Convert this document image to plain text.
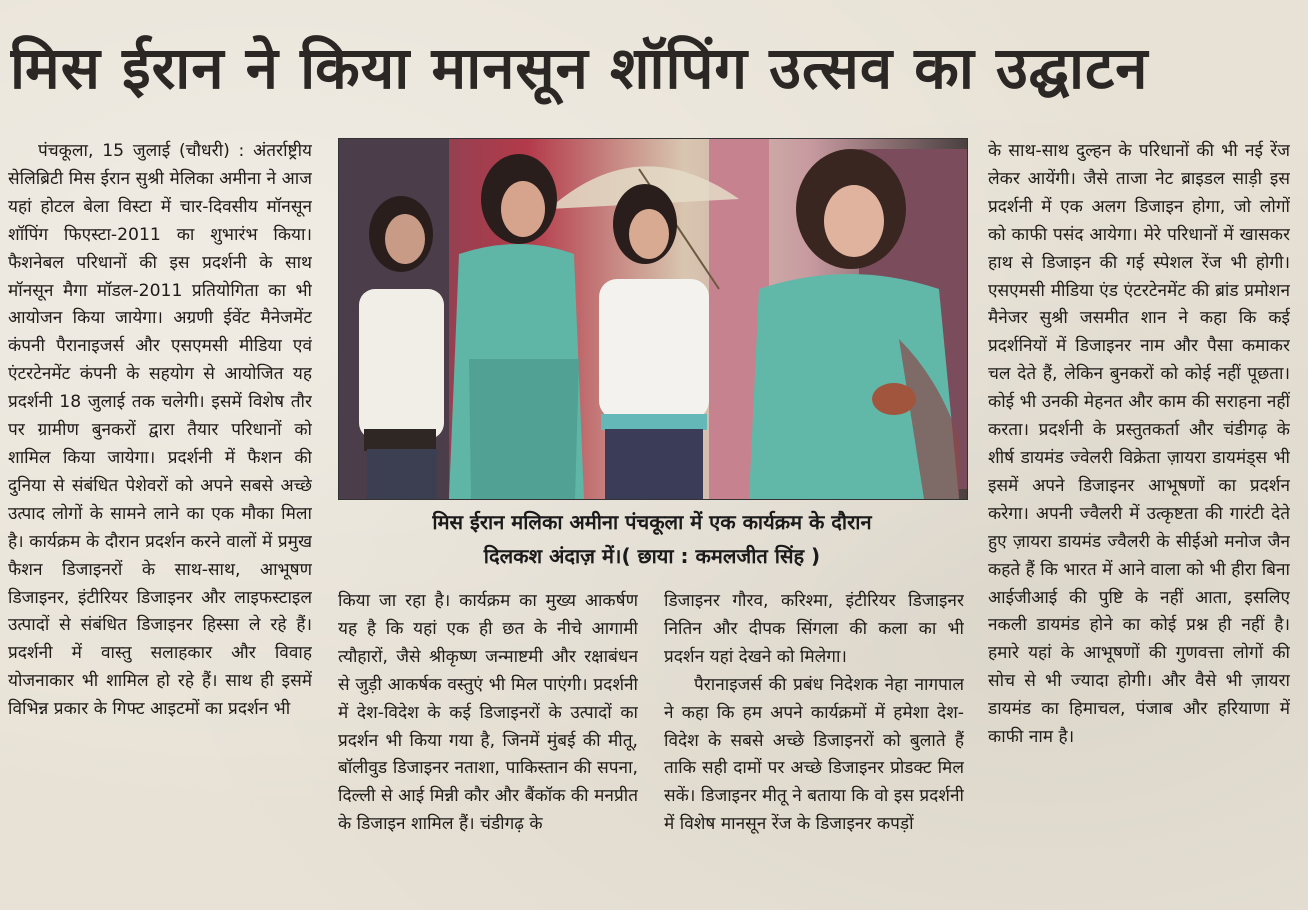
मिस ईरान ने किया मानसून शॉपिंग उत्सव का उद्घाटन

पंचकूला, 15 जुलाई (चौधरी) : अंतर्राष्ट्रीय सेलिब्रिटी मिस ईरान सुश्री मेलिका अमीना ने आज यहां होटल बेला विस्टा में चार-दिवसीय मॉनसून शॉपिंग फिएस्टा-2011 का शुभारंभ किया। फैशनेबल परिधानों की इस प्रदर्शनी के साथ मॉनसून मैगा मॉडल-2011 प्रतियोगिता का भी आयोजन किया जायेगा। अग्रणी ईवेंट मैनेजमेंट कंपनी पैरानाइजर्स और एसएमसी मीडिया एवं एंटरटेनमेंट कंपनी के सहयोग से आयोजित यह प्रदर्शनी 18 जुलाई तक चलेगी। इसमें विशेष तौर पर ग्रामीण बुनकरों द्वारा तैयार परिधानों को शामिल किया जायेगा। प्रदर्शनी में फैशन की दुनिया से संबंधित पेशेवरों को अपने सबसे अच्छे उत्पाद लोगों के सामने लाने का एक मौका मिला है। कार्यक्रम के दौरान प्रदर्शन करने वालों में प्रमुख फैशन डिजाइनरों के साथ-साथ, आभूषण डिजाइनर, इंटीरियर डिजाइनर और लाइफस्टाइल उत्पादों से संबंधित डिजाइनर हिस्सा ले रहे हैं। प्रदर्शनी में वास्तु सलाहकार और विवाह योजनाकार भी शामिल हो रहे हैं। साथ ही इसमें विभिन्न प्रकार के गिफ्ट आइटमों का प्रदर्शन भी

मिस ईरान मलिका अमीना पंचकूला में एक कार्यक्रम के दौरान
दिलकश अंदाज़ में।( छाया : कमलजीत सिंह )

किया जा रहा है। कार्यक्रम का मुख्य आकर्षण यह है कि यहां एक ही छत के नीचे आगामी त्यौहारों, जैसे श्रीकृष्ण जन्माष्टमी और रक्षाबंधन से जुड़ी आकर्षक वस्तुएं भी मिल पाएंगी। प्रदर्शनी में देश-विदेश के कई डिजाइनरों के उत्पादों का प्रदर्शन भी किया गया है, जिनमें मुंबई की मीतू, बॉलीवुड डिजाइनर नताशा, पाकिस्तान की सपना, दिल्ली से आई मिन्नी कौर और बैंकॉक की मनप्रीत के डिजाइन शामिल हैं। चंडीगढ़ के

डिजाइनर गौरव, करिश्मा, इंटीरियर डिजाइनर नितिन और दीपक सिंगला की कला का भी प्रदर्शन यहां देखने को मिलेगा।

पैरानाइजर्स की प्रबंध निदेशक नेहा नागपाल ने कहा कि हम अपने कार्यक्रमों में हमेशा देश-विदेश के सबसे अच्छे डिजाइनरों को बुलाते हैं ताकि सही दामों पर अच्छे डिजाइनर प्रोडक्ट मिल सकें। डिजाइनर मीतू ने बताया कि वो इस प्रदर्शनी में विशेष मानसून रेंज के डिजाइनर कपड़ों

के साथ-साथ दुल्हन के परिधानों की भी नई रेंज लेकर आयेंगी। जैसे ताजा नेट ब्राइडल साड़ी इस प्रदर्शनी में एक अलग डिजाइन होगा, जो लोगों को काफी पसंद आयेगा। मेरे परिधानों में खासकर हाथ से डिजाइन की गई स्पेशल रेंज भी होगी। एसएमसी मीडिया एंड एंटरटेनमेंट की ब्रांड प्रमोशन मैनेजर सुश्री जसमीत शान ने कहा कि कई प्रदर्शनियों में डिजाइनर नाम और पैसा कमाकर चल देते हैं, लेकिन बुनकरों को कोई नहीं पूछता। कोई भी उनकी मेहनत और काम की सराहना नहीं करता। प्रदर्शनी के प्रस्तुतकर्ता और चंडीगढ़ के शीर्ष डायमंड ज्वेलरी विक्रेता ज़ायरा डायमंड्स भी इसमें अपने डिजाइनर आभूषणों का प्रदर्शन करेगा। अपनी ज्वैलरी में उत्कृष्टता की गारंटी देते हुए ज़ायरा डायमंड ज्वैलरी के सीईओ मनोज जैन कहते हैं कि भारत में आने वाला को भी हीरा बिना आईजीआई की पुष्टि के नहीं आता, इसलिए नकली डायमंड होने का कोई प्रश्न ही नहीं है। हमारे यहां के आभूषणों की गुणवत्ता लोगों की सोच से भी ज्यादा होगी। और वैसे भी ज़ायरा डायमंड का हिमाचल, पंजाब और हरियाणा में काफी नाम है।
